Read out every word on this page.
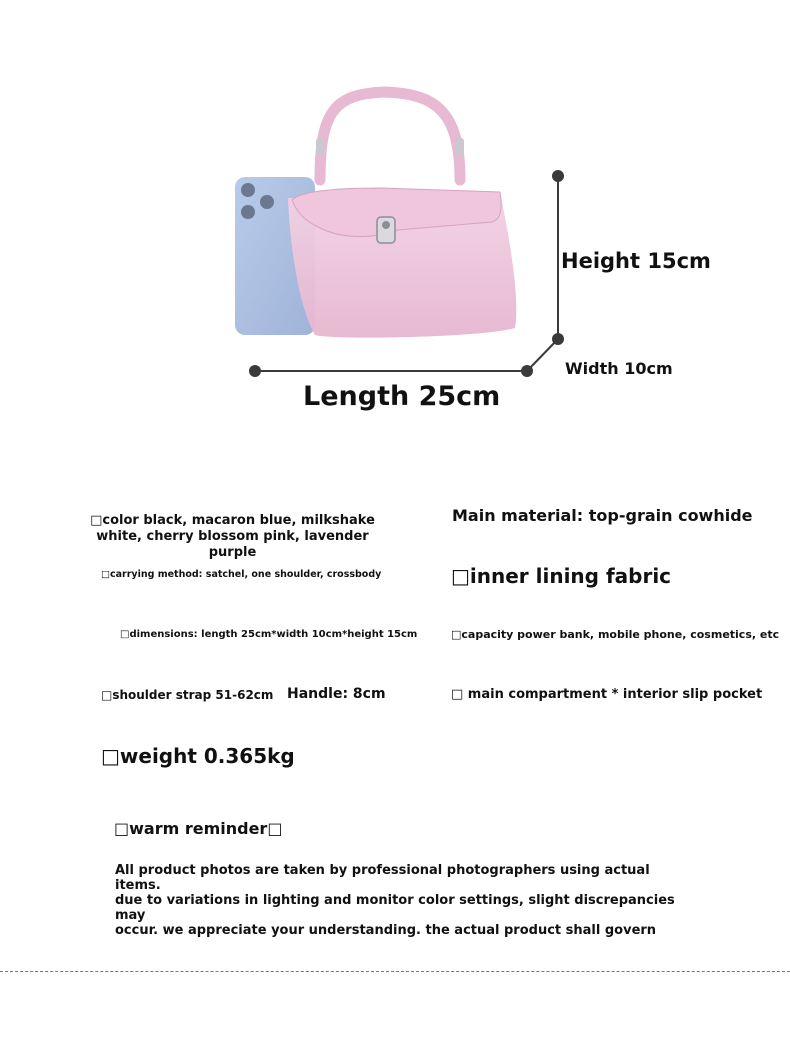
Height 15cm
Width 10cm
Length 25cm
□color black, macaron blue, milkshake white, cherry blossom pink, lavender purple
Main material: top-grain cowhide
□carrying method: satchel, one shoulder, crossbody	□inner lining fabric
□dimensions: length 25cm*width 10cm*height 15cm	□capacity power bank, mobile phone, cosmetics, etc
□shoulder strap 51-62cm Handle: 8cm	□ main compartment * interior slip pocket
□weight 0.365kg
□warm reminder□
All product photos are taken by professional photographers using actual items.
due to variations in lighting and monitor color settings, slight discrepancies may
occur. we appreciate your understanding. the actual product shall govern
